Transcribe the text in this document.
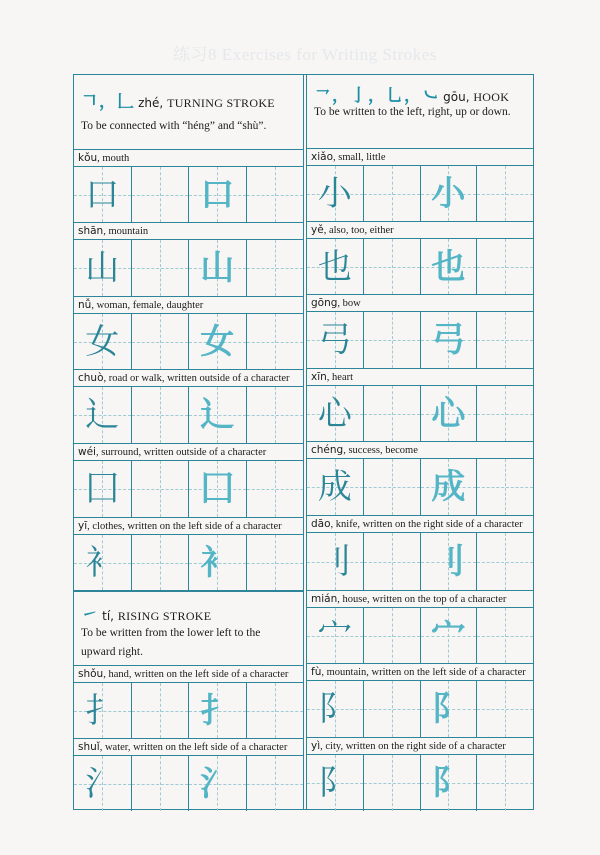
练习8 Exercises for Writing Strokes
𠃍，𠃊 zhé, TURNING STROKE
To be connected with “héng” and “shù”.
kǒu, mouth
口	口
shān, mountain
山	山
nǚ, woman, female, daughter
女	女
chuò, road or walk, written outside of a character
辶	辶
wéi, surround, written outside of a character
囗	囗
yī, clothes, written on the left side of a character
衤	衤
㇀ tí, RISING STROKE
To be written from the lower left to the upward right.
shǒu, hand, written on the left side of a character
扌	扌
shuǐ, water, written on the left side of a character
氵	氵
㇖，亅，乚，㇃ gōu, HOOK
To be written to the left, right, up or down.
xiǎo, small, little
小	小
yě, also, too, either
也	也
gōng, bow
弓	弓
xīn, heart
心	心
chéng, success, become
成	成
dāo, knife, written on the right side of a character
刂	刂
mián, house, written on the top of a character
宀	宀
fù, mountain, written on the left side of a character
阝	阝
yì, city, written on the right side of a character
阝	阝
